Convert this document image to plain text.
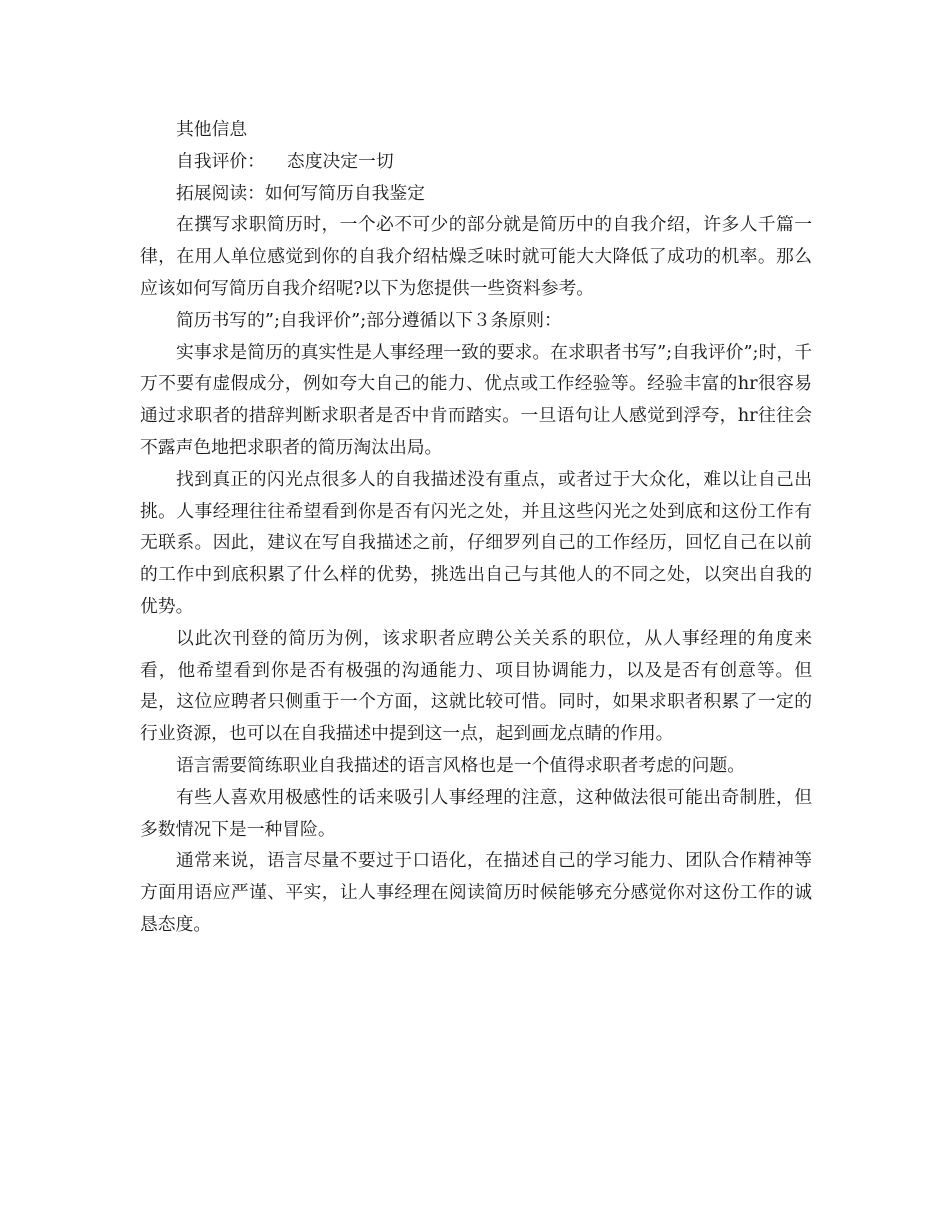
其他信息

自我评价： 态度决定一切

拓展阅读：如何写简历自我鉴定

在撰写求职简历时，一个必不可少的部分就是简历中的自我介绍，许多人千篇一律，在用人单位感觉到你的自我介绍枯燥乏味时就可能大大降低了成功的机率。那么应该如何写简历自我介绍呢?以下为您提供一些资料参考。

简历书写的”;自我评价”;部分遵循以下３条原则：

实事求是简历的真实性是人事经理一致的要求。在求职者书写”;自我评价”;时，千万不要有虚假成分，例如夸大自己的能力、优点或工作经验等。经验丰富的hr很容易通过求职者的措辞判断求职者是否中肯而踏实。一旦语句让人感觉到浮夸，hr往往会不露声色地把求职者的简历淘汰出局。

找到真正的闪光点很多人的自我描述没有重点，或者过于大众化，难以让自己出挑。人事经理往往希望看到你是否有闪光之处，并且这些闪光之处到底和这份工作有无联系。因此，建议在写自我描述之前，仔细罗列自己的工作经历，回忆自己在以前的工作中到底积累了什么样的优势，挑选出自己与其他人的不同之处，以突出自我的优势。

以此次刊登的简历为例，该求职者应聘公关关系的职位，从人事经理的角度来看，他希望看到你是否有极强的沟通能力、项目协调能力，以及是否有创意等。但是，这位应聘者只侧重于一个方面，这就比较可惜。同时，如果求职者积累了一定的行业资源，也可以在自我描述中提到这一点，起到画龙点睛的作用。

语言需要简练职业自我描述的语言风格也是一个值得求职者考虑的问题。

有些人喜欢用极感性的话来吸引人事经理的注意，这种做法很可能出奇制胜，但多数情况下是一种冒险。

通常来说，语言尽量不要过于口语化，在描述自己的学习能力、团队合作精神等方面用语应严谨、平实，让人事经理在阅读简历时候能够充分感觉你对这份工作的诚恳态度。
